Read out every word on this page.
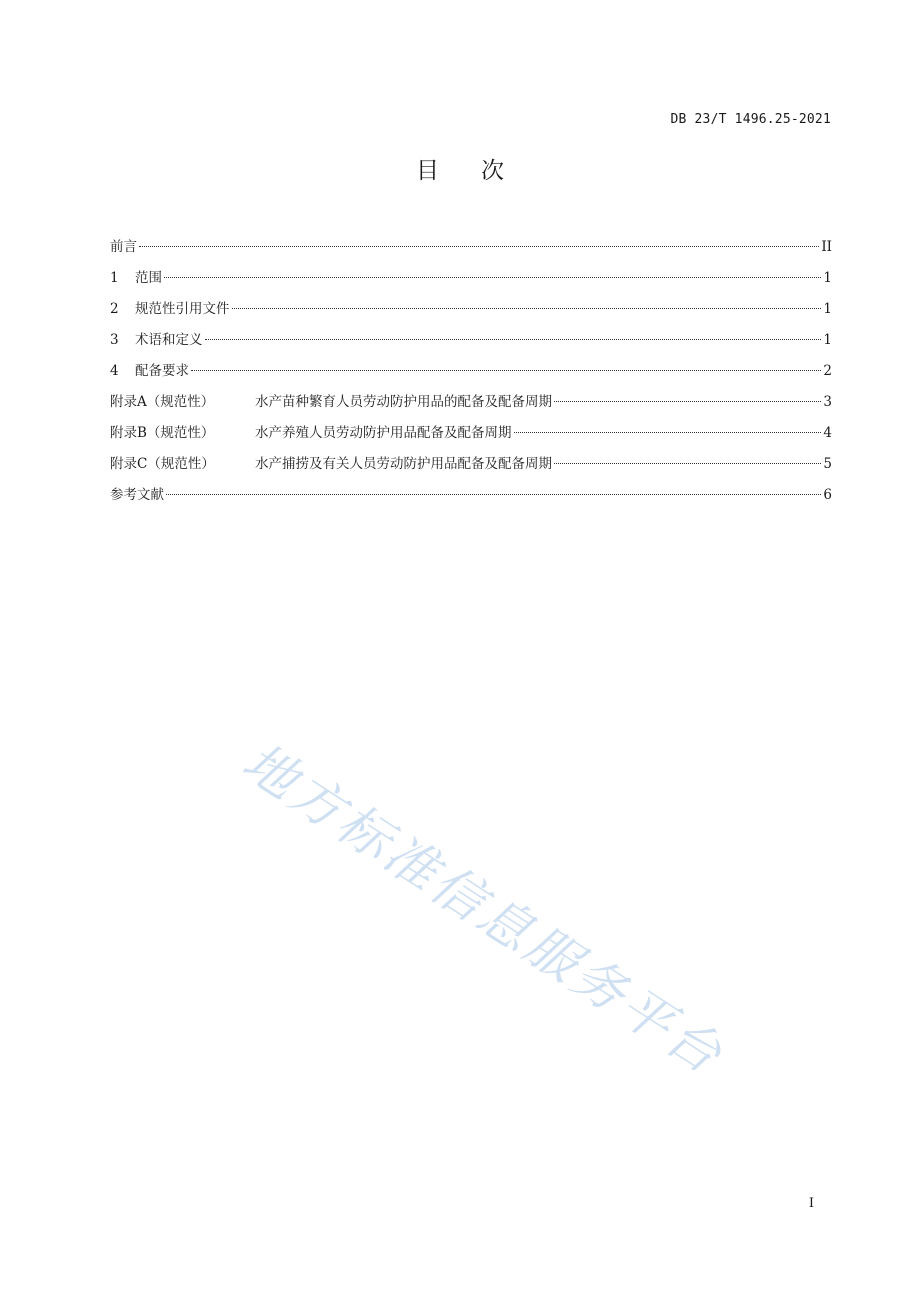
DB 23/T 1496.25-2021
目次
前言	II
1	范围	1
2	规范性引用文件	1
3	术语和定义	1
4	配备要求	2
附录A（规范性）	水产苗种繁育人员劳动防护用品的配备及配备周期	3
附录B（规范性）	水产养殖人员劳动防护用品配备及配备周期	4
附录C（规范性）	水产捕捞及有关人员劳动防护用品配备及配备周期	5
参考文献	6
地方标准信息服务平台
I
